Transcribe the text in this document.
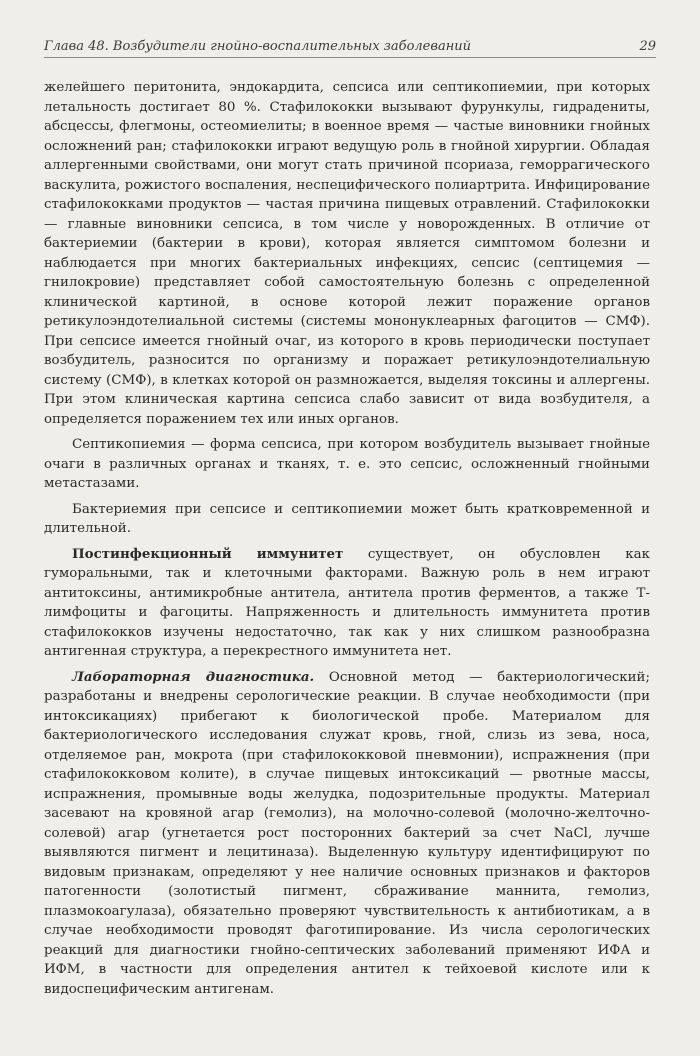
Глава 48. Возбудители гнойно-воспалительных заболеваний	29

желейшего перитонита, эндокардита, сепсиса или септикопиемии, при которых летальность достигает 80 %. Стафилококки вызывают фурункулы, гидрадениты, абсцессы, флегмоны, остеомиелиты; в военное время — частые виновники гнойных осложнений ран; стафилококки играют ведущую роль в гнойной хирургии. Обладая аллергенными свойствами, они могут стать причиной псориаза, геморрагического васкулита, рожистого воспаления, неспецифического полиартрита. Инфицирование стафилококками продуктов — частая причина пищевых отравлений. Стафилококки — главные виновники сепсиса, в том числе у новорожденных. В отличие от бактериемии (бактерии в крови), которая является симптомом болезни и наблюдается при многих бактериальных инфекциях, сепсис (септицемия — гнилокровие) представляет собой самостоятельную болезнь с определенной клинической картиной, в основе которой лежит поражение органов ретикулоэндотелиальной системы (системы мононуклеарных фагоцитов — СМФ). При сепсисе имеется гнойный очаг, из которого в кровь периодически поступает возбудитель, разносится по организму и поражает ретикулоэндотелиальную систему (СМФ), в клетках которой он размножается, выделяя токсины и аллергены. При этом клиническая картина сепсиса слабо зависит от вида возбудителя, а определяется поражением тех или иных органов.

Септикопиемия — форма сепсиса, при котором возбудитель вызывает гнойные очаги в различных органах и тканях, т. е. это сепсис, осложненный гнойными метастазами.

Бактериемия при сепсисе и септикопиемии может быть кратковременной и длительной.

Постинфекционный иммунитет существует, он обусловлен как гуморальными, так и клеточными факторами. Важную роль в нем играют антитоксины, антимикробные антитела, антитела против ферментов, а также Т-лимфоциты и фагоциты. Напряженность и длительность иммунитета против стафилококков изучены недостаточно, так как у них слишком разнообразна антигенная структура, а перекрестного иммунитета нет.

Лабораторная диагностика. Основной метод — бактериологический; разработаны и внедрены серологические реакции. В случае необходимости (при интоксикациях) прибегают к биологической пробе. Материалом для бактериологического исследования служат кровь, гной, слизь из зева, носа, отделяемое ран, мокрота (при стафилококковой пневмонии), испражнения (при стафилококковом колите), в случае пищевых интоксикаций — рвотные массы, испражнения, промывные воды желудка, подозрительные продукты. Материал засевают на кровяной агар (гемолиз), на молочно-солевой (молочно-желточно-солевой) агар (угнетается рост посторонних бактерий за счет NaCl, лучше выявляются пигмент и лецитиназа). Выделенную культуру идентифицируют по видовым признакам, определяют у нее наличие основных признаков и факторов патогенности (золотистый пигмент, сбраживание маннита, гемолиз, плазмокоагулаза), обязательно проверяют чувствительность к антибиотикам, а в случае необходимости проводят фаготипирование. Из числа серологических реакций для диагностики гнойно-септических заболеваний применяют ИФА и ИФМ, в частности для определения антител к тейхоевой кислоте или к видоспецифическим антигенам.
